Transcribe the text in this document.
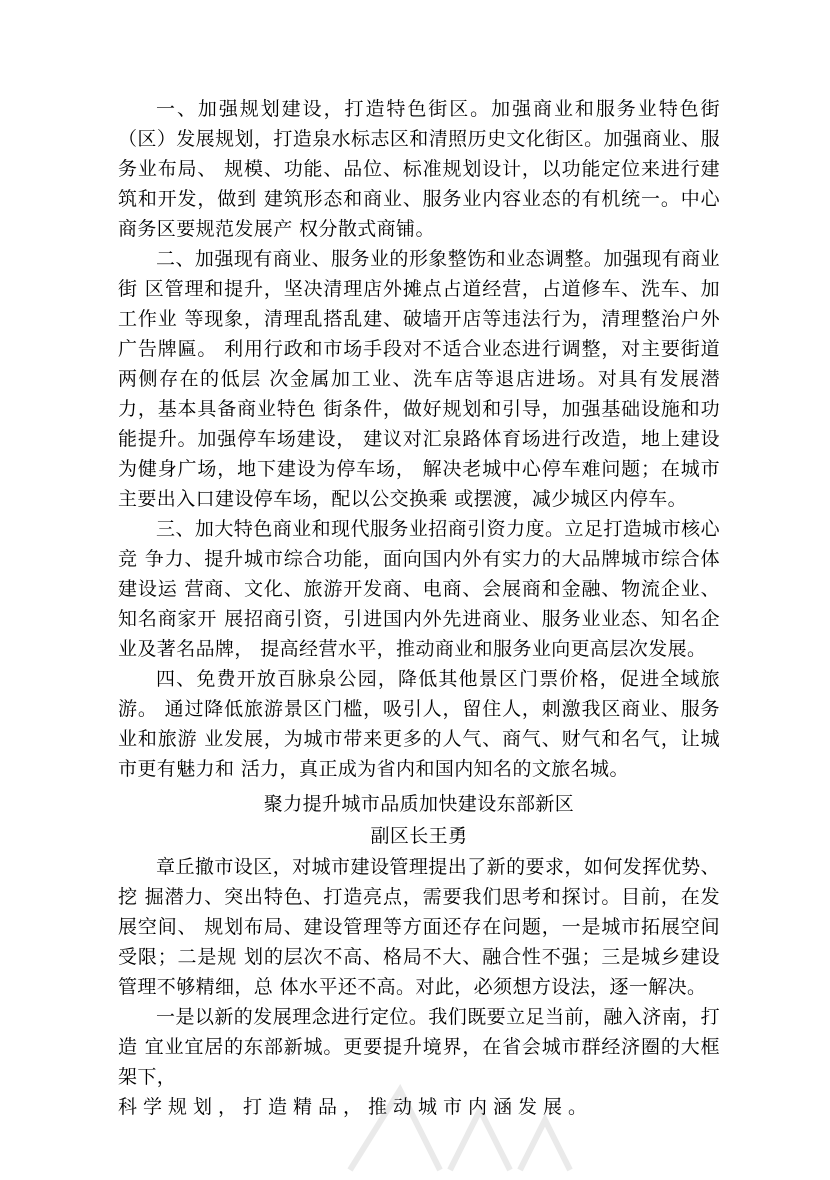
一、加强规划建设，打造特色街区。加强商业和服务业特色街（区）发展规划，打造泉水标志区和清照历史文化街区。加强商业、服务业布局、 规模、功能、品位、标准规划设计，以功能定位来进行建筑和开发，做到 建筑形态和商业、服务业内容业态的有机统一。中心商务区要规范发展产 权分散式商铺。

二、加强现有商业、服务业的形象整饬和业态调整。加强现有商业街 区管理和提升，坚决清理店外摊点占道经营，占道修车、洗车、加工作业 等现象，清理乱搭乱建、破墙开店等违法行为，清理整治户外广告牌匾。 利用行政和市场手段对不适合业态进行调整，对主要街道两侧存在的低层 次金属加工业、洗车店等退店进场。对具有发展潜力，基本具备商业特色 街条件，做好规划和引导，加强基础设施和功能提升。加强停车场建设， 建议对汇泉路体育场进行改造，地上建设为健身广场，地下建设为停车场， 解决老城中心停车难问题；在城市主要出入口建设停车场，配以公交换乘 或摆渡，减少城区内停车。

三、加大特色商业和现代服务业招商引资力度。立足打造城市核心竞 争力、提升城市综合功能，面向国内外有实力的大品牌城市综合体建设运 营商、文化、旅游开发商、电商、会展商和金融、物流企业、知名商家开 展招商引资，引进国内外先进商业、服务业业态、知名企业及著名品牌， 提高经营水平，推动商业和服务业向更高层次发展。

四、免费开放百脉泉公园，降低其他景区门票价格，促进全域旅游。 通过降低旅游景区门槛，吸引人，留住人，刺激我区商业、服务业和旅游 业发展，为城市带来更多的人气、商气、财气和名气，让城市更有魅力和 活力，真正成为省内和国内知名的文旅名城。

聚力提升城市品质加快建设东部新区

副区长王勇

章丘撤市设区，对城市建设管理提出了新的要求，如何发挥优势、挖 掘潜力、突出特色、打造亮点，需要我们思考和探讨。目前，在发展空间、 规划布局、建设管理等方面还存在问题，一是城市拓展空间受限；二是规 划的层次不高、格局不大、融合性不强；三是城乡建设管理不够精细，总 体水平还不高。对此，必须想方设法，逐一解决。

一是以新的发展理念进行定位。我们既要立足当前，融入济南，打造 宜业宜居的东部新城。更要提升境界，在省会城市群经济圈的大框架下，

科学规划，打造精品，推动城市内涵发展。
